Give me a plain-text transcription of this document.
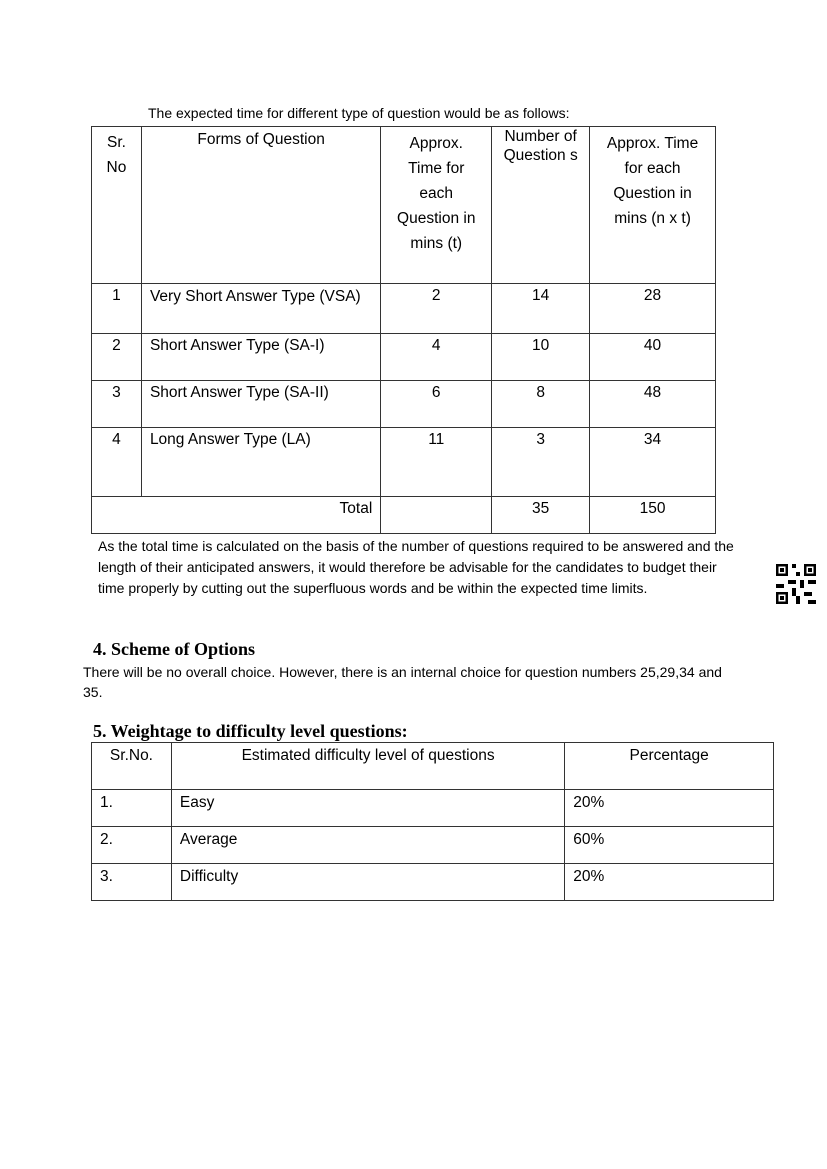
The expected time for different type of question would be as follows:
Sr. No	Forms of Question	Approx. Time for each Question in mins (t)	Number of Question s	Approx. Time for each Question in mins (n x t)
1	Very Short Answer Type (VSA)	2	14	28
2	Short Answer Type (SA-I)	4	10	40
3	Short Answer Type (SA-II)	6	8	48
4	Long Answer Type (LA)	11	3	34
Total			35	150
As the total time is calculated on the basis of the number of questions required to be answered and the length of their anticipated answers, it would therefore be advisable for the candidates to budget their time properly by cutting out the superfluous words and be within the expected time limits.
4. Scheme of Options
There will be no overall choice. However, there is an internal choice for question numbers 25,29,34 and 35.
5. Weightage to difficulty level questions:
Sr.No.	Estimated difficulty level of questions	Percentage
1.	Easy	20%
2.	Average	60%
3.	Difficulty	20%
